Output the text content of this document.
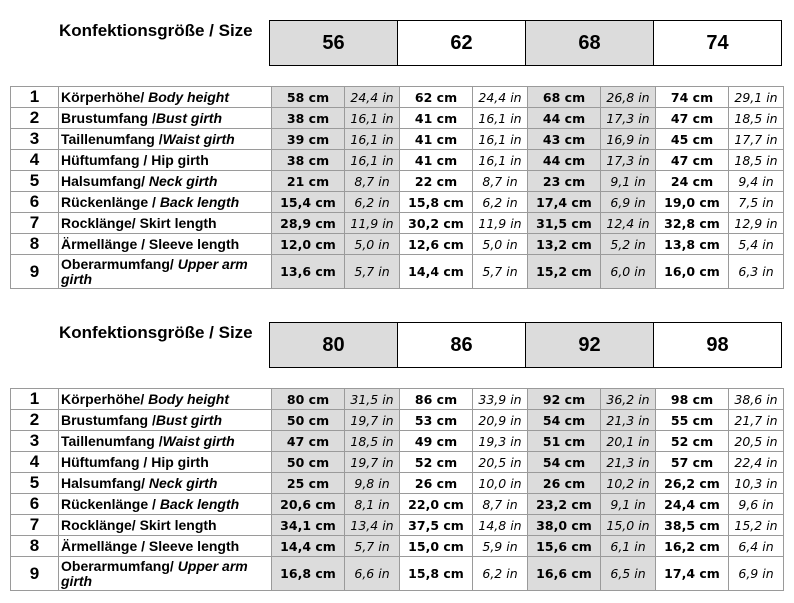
Konfektionsgröße / Size
56	62	68	74
1	Körperhöhe/ Body height	58 cm	24,4 in	62 cm	24,4 in	68 cm	26,8 in	74 cm	29,1 in
2	Brustumfang /Bust girth	38 cm	16,1 in	41 cm	16,1 in	44 cm	17,3 in	47 cm	18,5 in
3	Taillenumfang /Waist girth	39 cm	16,1 in	41 cm	16,1 in	43 cm	16,9 in	45 cm	17,7 in
4	Hüftumfang / Hip girth	38 cm	16,1 in	41 cm	16,1 in	44 cm	17,3 in	47 cm	18,5 in
5	Halsumfang/ Neck girth	21 cm	8,7 in	22 cm	8,7 in	23 cm	9,1 in	24 cm	9,4 in
6	Rückenlänge / Back length	15,4 cm	6,2 in	15,8 cm	6,2 in	17,4 cm	6,9 in	19,0 cm	7,5 in
7	Rocklänge/ Skirt length	28,9 cm	11,9 in	30,2 cm	11,9 in	31,5 cm	12,4 in	32,8 cm	12,9 in
8	Ärmellänge / Sleeve length	12,0 cm	5,0 in	12,6 cm	5,0 in	13,2 cm	5,2 in	13,8 cm	5,4 in
9	Oberarmumfang/ Upper arm girth	13,6 cm	5,7 in	14,4 cm	5,7 in	15,2 cm	6,0 in	16,0 cm	6,3 in
Konfektionsgröße / Size
80	86	92	98
1	Körperhöhe/ Body height	80 cm	31,5 in	86 cm	33,9 in	92 cm	36,2 in	98 cm	38,6 in
2	Brustumfang /Bust girth	50 cm	19,7 in	53 cm	20,9 in	54 cm	21,3 in	55 cm	21,7 in
3	Taillenumfang /Waist girth	47 cm	18,5 in	49 cm	19,3 in	51 cm	20,1 in	52 cm	20,5 in
4	Hüftumfang / Hip girth	50 cm	19,7 in	52 cm	20,5 in	54 cm	21,3 in	57 cm	22,4 in
5	Halsumfang/ Neck girth	25 cm	9,8 in	26 cm	10,0 in	26 cm	10,2 in	26,2 cm	10,3 in
6	Rückenlänge / Back length	20,6 cm	8,1 in	22,0 cm	8,7 in	23,2 cm	9,1 in	24,4 cm	9,6 in
7	Rocklänge/ Skirt length	34,1 cm	13,4 in	37,5 cm	14,8 in	38,0 cm	15,0 in	38,5 cm	15,2 in
8	Ärmellänge / Sleeve length	14,4 cm	5,7 in	15,0 cm	5,9 in	15,6 cm	6,1 in	16,2 cm	6,4 in
9	Oberarmumfang/ Upper arm girth	16,8 cm	6,6 in	15,8 cm	6,2 in	16,6 cm	6,5 in	17,4 cm	6,9 in
